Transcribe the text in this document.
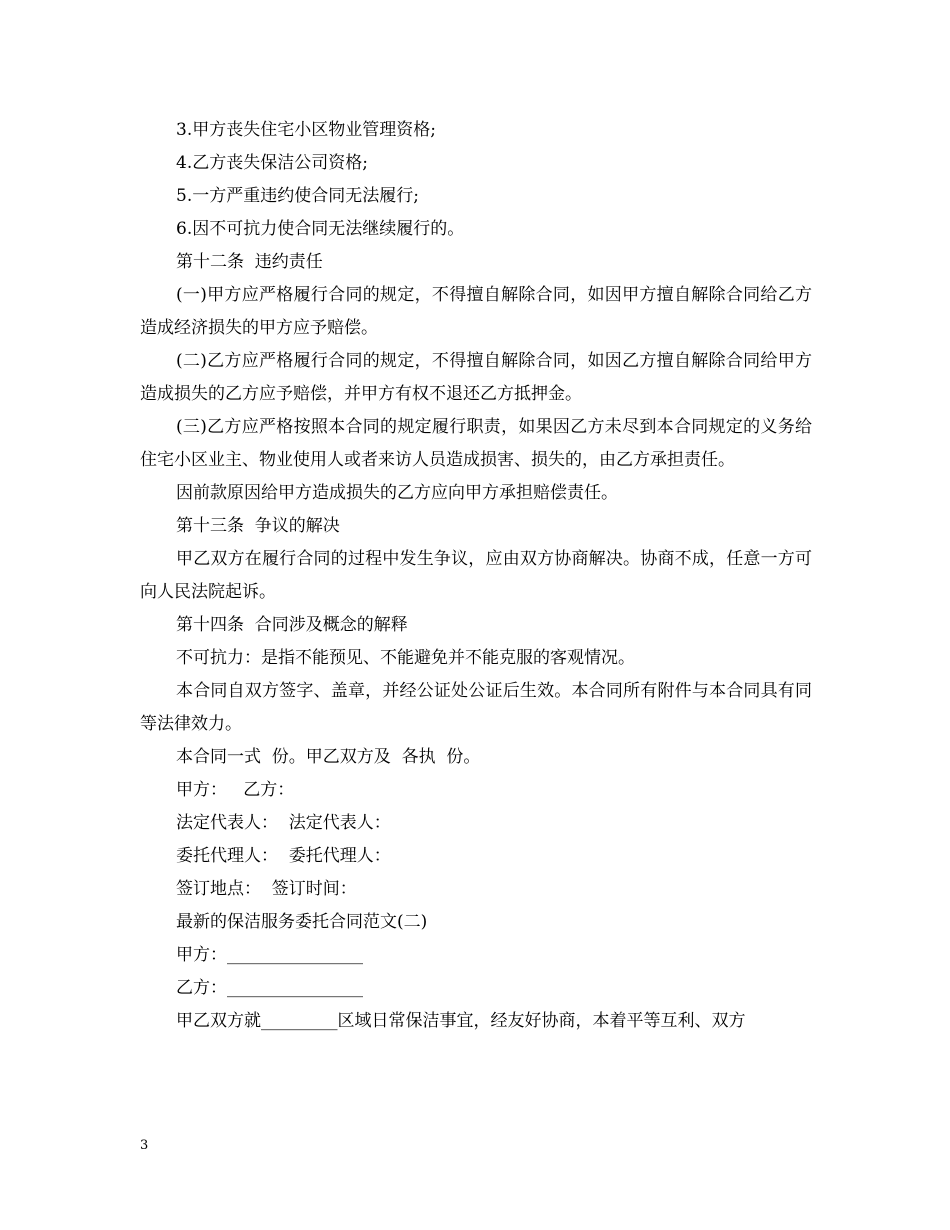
3.甲方丧失住宅小区物业管理资格;

4.乙方丧失保洁公司资格;

5.一方严重违约使合同无法履行;

6.因不可抗力使合同无法继续履行的。

第十二条  违约责任

(一)甲方应严格履行合同的规定，不得擅自解除合同，如因甲方擅自解除合同给乙方造成经济损失的甲方应予赔偿。

(二)乙方应严格履行合同的规定，不得擅自解除合同，如因乙方擅自解除合同给甲方造成损失的乙方应予赔偿，并甲方有权不退还乙方抵押金。

(三)乙方应严格按照本合同的规定履行职责，如果因乙方未尽到本合同规定的义务给住宅小区业主、物业使用人或者来访人员造成损害、损失的，由乙方承担责任。

因前款原因给甲方造成损失的乙方应向甲方承担赔偿责任。

第十三条  争议的解决

甲乙双方在履行合同的过程中发生争议，应由双方协商解决。协商不成，任意一方可向人民法院起诉。

第十四条  合同涉及概念的解释

不可抗力：是指不能预见、不能避免并不能克服的客观情况。

本合同自双方签字、盖章，并经公证处公证后生效。本合同所有附件与本合同具有同等法律效力。

本合同一式  份。甲乙双方及  各执  份。

甲方：   乙方：

法定代表人：  法定代表人：

委托代理人：  委托代理人：

签订地点：  签订时间：

最新的保洁服务委托合同范文(二)

甲方：________________

乙方：________________

甲乙双方就_________区域日常保洁事宜，经友好协商，本着平等互利、双方

3
